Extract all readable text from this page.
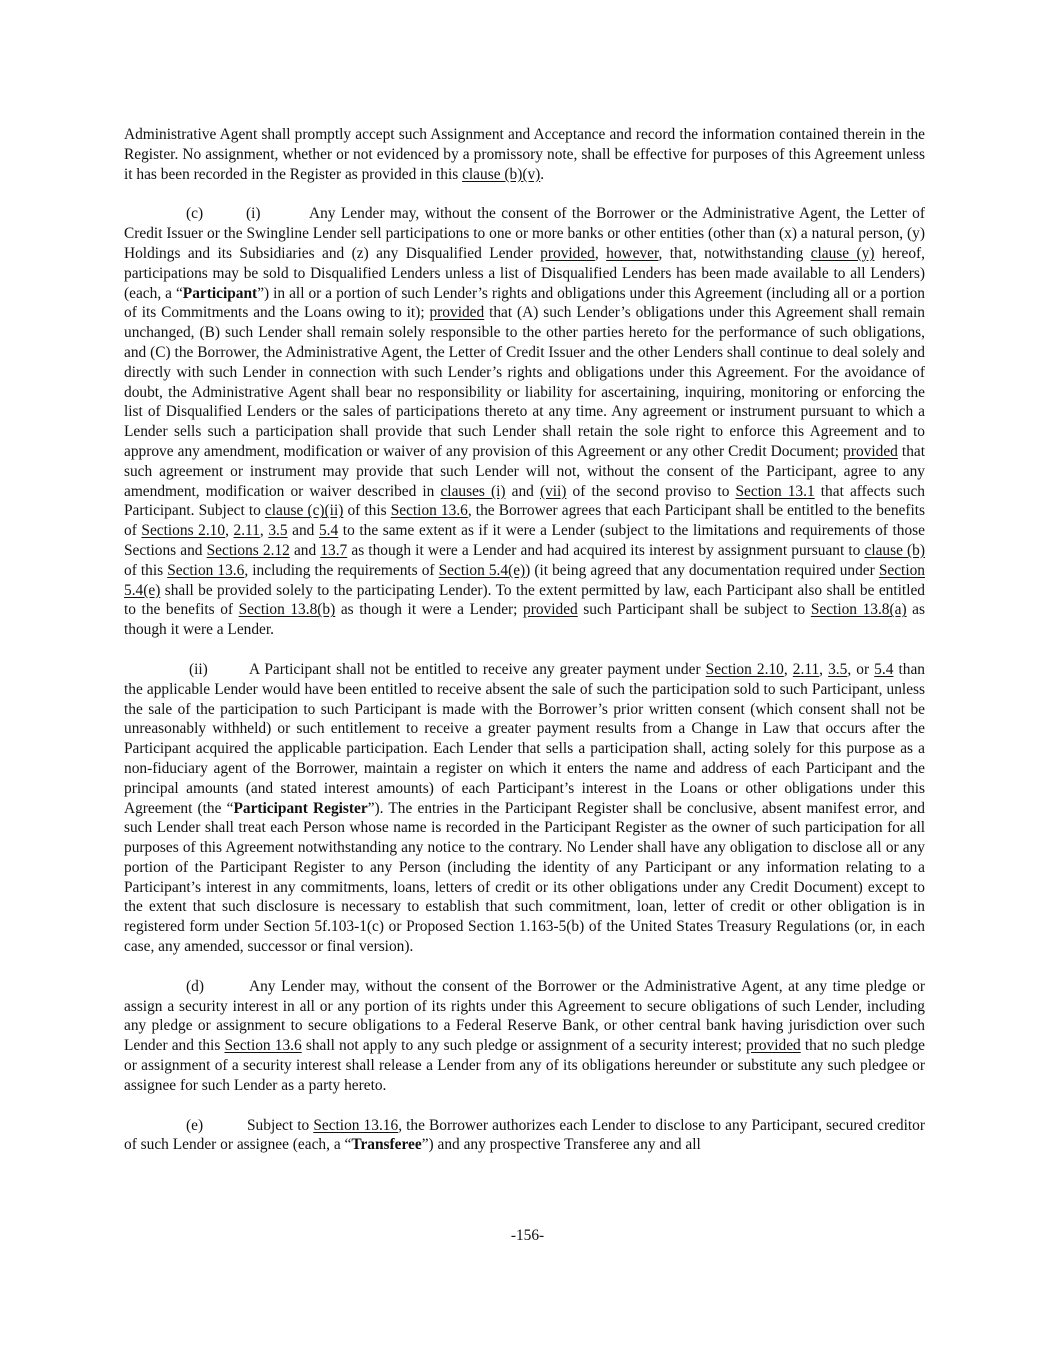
Administrative Agent shall promptly accept such Assignment and Acceptance and record the information contained therein in the Register. No assignment, whether or not evidenced by a promissory note, shall be effective for purposes of this Agreement unless it has been recorded in the Register as provided in this clause (b)(v).

(c)	(i)	Any Lender may, without the consent of the Borrower or the Administrative Agent, the Letter of Credit Issuer or the Swingline Lender sell participations to one or more banks or other entities (other than (x) a natural person, (y) Holdings and its Subsidiaries and (z) any Disqualified Lender provided, however, that, notwithstanding clause (y) hereof, participations may be sold to Disqualified Lenders unless a list of Disqualified Lenders has been made available to all Lenders) (each, a “Participant”) in all or a portion of such Lender’s rights and obligations under this Agreement (including all or a portion of its Commitments and the Loans owing to it); provided that (A) such Lender’s obligations under this Agreement shall remain unchanged, (B) such Lender shall remain solely responsible to the other parties hereto for the performance of such obligations, and (C) the Borrower, the Administrative Agent, the Letter of Credit Issuer and the other Lenders shall continue to deal solely and directly with such Lender in connection with such Lender’s rights and obligations under this Agreement. For the avoidance of doubt, the Administrative Agent shall bear no responsibility or liability for ascertaining, inquiring, monitoring or enforcing the list of Disqualified Lenders or the sales of participations thereto at any time. Any agreement or instrument pursuant to which a Lender sells such a participation shall provide that such Lender shall retain the sole right to enforce this Agreement and to approve any amendment, modification or waiver of any provision of this Agreement or any other Credit Document; provided that such agreement or instrument may provide that such Lender will not, without the consent of the Participant, agree to any amendment, modification or waiver described in clauses (i) and (vii) of the second proviso to Section 13.1 that affects such Participant. Subject to clause (c)(ii) of this Section 13.6, the Borrower agrees that each Participant shall be entitled to the benefits of Sections 2.10, 2.11, 3.5 and 5.4 to the same extent as if it were a Lender (subject to the limitations and requirements of those Sections and Sections 2.12 and 13.7 as though it were a Lender and had acquired its interest by assignment pursuant to clause (b) of this Section 13.6, including the requirements of Section 5.4(e)) (it being agreed that any documentation required under Section 5.4(e) shall be provided solely to the participating Lender). To the extent permitted by law, each Participant also shall be entitled to the benefits of Section 13.8(b) as though it were a Lender; provided such Participant shall be subject to Section 13.8(a) as though it were a Lender.

(ii)	A Participant shall not be entitled to receive any greater payment under Section 2.10, 2.11, 3.5, or 5.4 than the applicable Lender would have been entitled to receive absent the sale of such the participation sold to such Participant, unless the sale of the participation to such Participant is made with the Borrower’s prior written consent (which consent shall not be unreasonably withheld) or such entitlement to receive a greater payment results from a Change in Law that occurs after the Participant acquired the applicable participation. Each Lender that sells a participation shall, acting solely for this purpose as a non-fiduciary agent of the Borrower, maintain a register on which it enters the name and address of each Participant and the principal amounts (and stated interest amounts) of each Participant’s interest in the Loans or other obligations under this Agreement (the “Participant Register”). The entries in the Participant Register shall be conclusive, absent manifest error, and such Lender shall treat each Person whose name is recorded in the Participant Register as the owner of such participation for all purposes of this Agreement notwithstanding any notice to the contrary. No Lender shall have any obligation to disclose all or any portion of the Participant Register to any Person (including the identity of any Participant or any information relating to a Participant’s interest in any commitments, loans, letters of credit or its other obligations under any Credit Document) except to the extent that such disclosure is necessary to establish that such commitment, loan, letter of credit or other obligation is in registered form under Section 5f.103-1(c) or Proposed Section 1.163-5(b) of the United States Treasury Regulations (or, in each case, any amended, successor or final version).

(d)	Any Lender may, without the consent of the Borrower or the Administrative Agent, at any time pledge or assign a security interest in all or any portion of its rights under this Agreement to secure obligations of such Lender, including any pledge or assignment to secure obligations to a Federal Reserve Bank, or other central bank having jurisdiction over such Lender and this Section 13.6 shall not apply to any such pledge or assignment of a security interest; provided that no such pledge or assignment of a security interest shall release a Lender from any of its obligations hereunder or substitute any such pledgee or assignee for such Lender as a party hereto.

(e)	Subject to Section 13.16, the Borrower authorizes each Lender to disclose to any Participant, secured creditor of such Lender or assignee (each, a “Transferee”) and any prospective Transferee any and all

-156-
